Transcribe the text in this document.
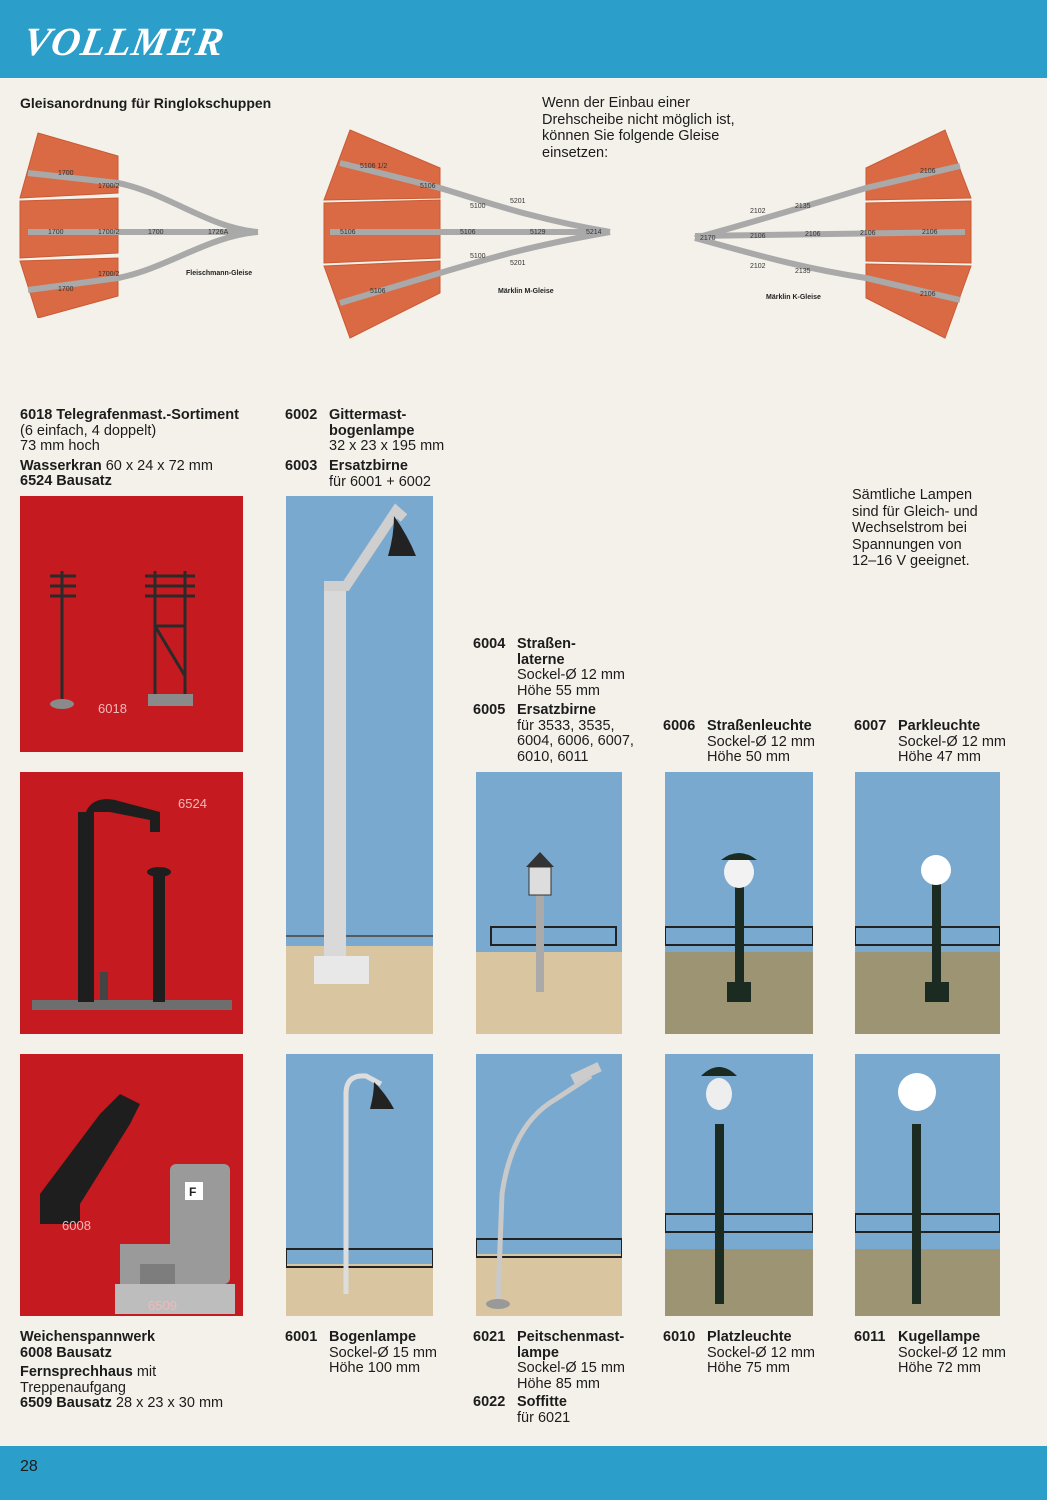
VOLLMER
28
Gleisanordnung für Ringlokschuppen	Wenn der Einbau einer
Drehscheibe nicht möglich ist,
können Sie folgende Gleise
einsetzen:
1700
1700/2
1700	1700/2	1700	1726A
1700
1700/2	Fleischmann-Gleise
5106 1/2
5106
5100
5201
5106	5106	5129	5214
5100
5201
5106	Märklin M-Gleise
2170	2106	2106	2106	2106
2102
2135
2102
2135
2106
2106
Märklin K-Gleise
6018 Telegrafenmast.-Sortiment
(6 einfach, 4 doppelt)
73 mm hoch
Wasserkran 60 x 24 x 72 mm
6524 Bausatz
6002 Gittermast-
bogenlampe
32 x 23 x 195 mm
6003 Ersatzbirne
für 6001 + 6002
Sämtliche Lampen
sind für Gleich- und
Wechselstrom bei
Spannungen von
12–16 V geeignet.
6004 Straßen-
laterne
Sockel-Ø 12 mm
Höhe 55 mm
6005 Ersatzbirne
für 3533, 3535,
6004, 6006, 6007,
6010, 6011
6006 Straßenleuchte
Sockel-Ø 12 mm
Höhe 50 mm
6007 Parkleuchte
Sockel-Ø 12 mm
Höhe 47 mm
6018
6524
F
6008
6509
Weichenspannwerk
6008 Bausatz
Fernsprechhaus mit
Treppenaufgang
6509 Bausatz 28 x 23 x 30 mm
6001 Bogenlampe
Sockel-Ø 15 mm
Höhe 100 mm
6021 Peitschenmast-
lampe
Sockel-Ø 15 mm
Höhe 85 mm
6022 Soffitte
für 6021
6010 Platzleuchte
Sockel-Ø 12 mm
Höhe 75 mm
6011 Kugellampe
Sockel-Ø 12 mm
Höhe 72 mm
